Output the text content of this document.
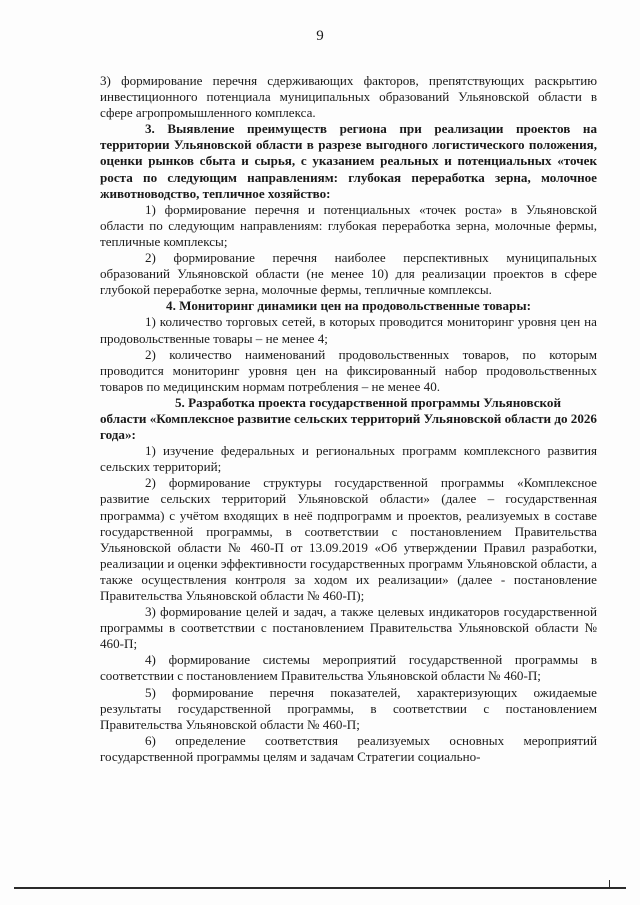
9

3) формирование перечня сдерживающих факторов, препятствующих раскрытию инвестиционного потенциала муниципальных образований Ульяновской области в сфере агропромышленного комплекса.

3. Выявление преимуществ региона при реализации проектов на территории Ульяновской области в разрезе выгодного логистического положения, оценки рынков сбыта и сырья, с указанием реальных и потенциальных «точек роста по следующим направлениям: глубокая переработка зерна, молочное животноводство, тепличное хозяйство:

1) формирование перечня и потенциальных «точек роста» в Ульяновской области по следующим направлениям: глубокая переработка зерна, молочные фермы, тепличные комплексы;

2) формирование перечня наиболее перспективных муниципальных образований Ульяновской области (не менее 10) для реализации проектов в сфере глубокой переработке зерна, молочные фермы, тепличные комплексы.

4. Мониторинг динамики цен на продовольственные товары:

1) количество торговых сетей, в которых проводится мониторинг уровня цен на продовольственные товары – не менее 4;

2) количество наименований продовольственных товаров, по которым проводится мониторинг уровня цен на фиксированный набор продовольственных товаров по медицинским нормам потребления – не менее 40.

5. Разработка проекта государственной программы Ульяновской области «Комплексное развитие сельских территорий Ульяновской области до 2026 года»:

1) изучение федеральных и региональных программ комплексного развития сельских территорий;

2) формирование структуры государственной программы «Комплексное развитие сельских территорий Ульяновской области» (далее – государственная программа) с учётом входящих в неё подпрограмм и проектов, реализуемых в составе государственной программы, в соответствии с постановлением Правительства Ульяновской области № 460-П от 13.09.2019 «Об утверждении Правил разработки, реализации и оценки эффективности государственных программ Ульяновской области, а также осуществления контроля за ходом их реализации» (далее - постановление Правительства Ульяновской области № 460-П);

3) формирование целей и задач, а также целевых индикаторов государственной программы в соответствии с постановлением Правительства Ульяновской области № 460-П;

4) формирование системы мероприятий государственной программы в соответствии с постановлением Правительства Ульяновской области № 460-П;

5) формирование перечня показателей, характеризующих ожидаемые результаты государственной программы, в соответствии с постановлением Правительства Ульяновской области № 460-П;

6) определение соответствия реализуемых основных мероприятий государственной программы целям и задачам Стратегии социально-
